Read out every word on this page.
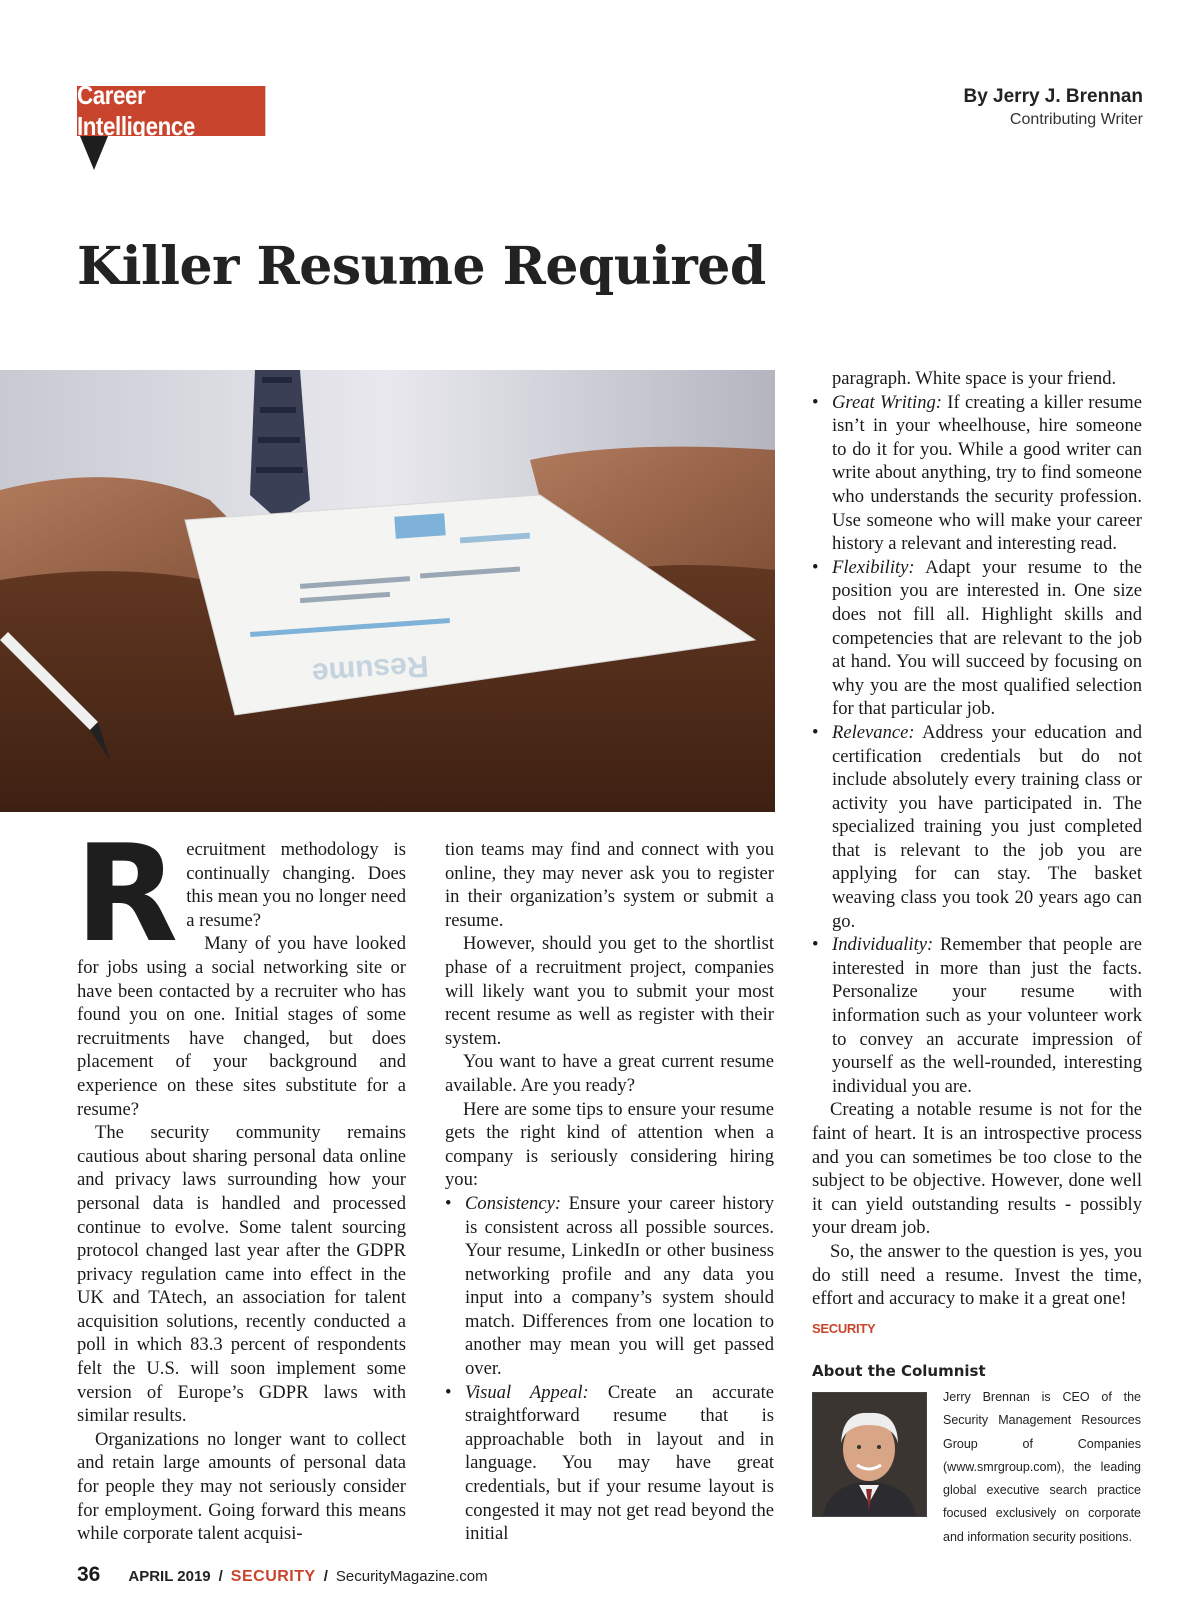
Career Intelligence
By Jerry J. Brennan
Contributing Writer
Killer Resume Required
Resume

Recruitment methodology is continually changing. Does this mean you no longer need a resume?

Many of you have looked for jobs using a social networking site or have been contacted by a recruiter who has found you on one. Initial stages of some recruitments have changed, but does placement of your background and experience on these sites substitute for a resume?

The security community remains cautious about sharing personal data online and privacy laws surrounding how your personal data is handled and processed continue to evolve. Some talent sourcing protocol changed last year after the GDPR privacy regulation came into effect in the UK and TAtech, an association for talent acquisition solutions, recently conducted a poll in which 83.3 percent of respondents felt the U.S. will soon implement some version of Europe’s GDPR laws with similar results.

Organizations no longer want to collect and retain large amounts of personal data for people they may not seriously consider for employment. Going forward this means while corporate talent acquisi-

tion teams may find and connect with you online, they may never ask you to register in their organization’s system or submit a resume.

However, should you get to the shortlist phase of a recruitment project, companies will likely want you to submit your most recent resume as well as register with their system.

You want to have a great current resume available. Are you ready?

Here are some tips to ensure your resume gets the right kind of attention when a company is seriously considering hiring you:

• Consistency: Ensure your career history is consistent across all possible sources. Your resume, LinkedIn or other business networking profile and any data you input into a company’s system should match. Differences from one location to another may mean you will get passed over.

• Visual Appeal: Create an accurate straightforward resume that is approachable both in layout and in language. You may have great credentials, but if your resume layout is congested it may not get read beyond the initial

paragraph. White space is your friend.

• Great Writing: If creating a killer resume isn’t in your wheelhouse, hire someone to do it for you. While a good writer can write about anything, try to find someone who understands the security profession. Use someone who will make your career history a relevant and interesting read.

• Flexibility: Adapt your resume to the position you are interested in. One size does not fill all. Highlight skills and competencies that are relevant to the job at hand. You will succeed by focusing on why you are the most qualified selection for that particular job.

• Relevance: Address your education and certification credentials but do not include absolutely every training class or activity you have participated in. The specialized training you just completed that is relevant to the job you are applying for can stay. The basket weaving class you took 20 years ago can go.

• Individuality: Remember that people are interested in more than just the facts. Personalize your resume with information such as your volunteer work to convey an accurate impression of yourself as the well-rounded, interesting individual you are.

Creating a notable resume is not for the faint of heart. It is an introspective process and you can sometimes be too close to the subject to be objective. However, done well it can yield outstanding results - possibly your dream job.

So, the answer to the question is yes, you do still need a resume. Invest the time, effort and accuracy to make it a great one!

SECURITY
About the Columnist
Jerry Brennan is CEO of the Security Management Resources Group of Companies (www.smrgroup.com), the leading global executive search practice focused exclusively on corporate and information security positions.
36 APRIL 2019 / SECURITY / SecurityMagazine.com
